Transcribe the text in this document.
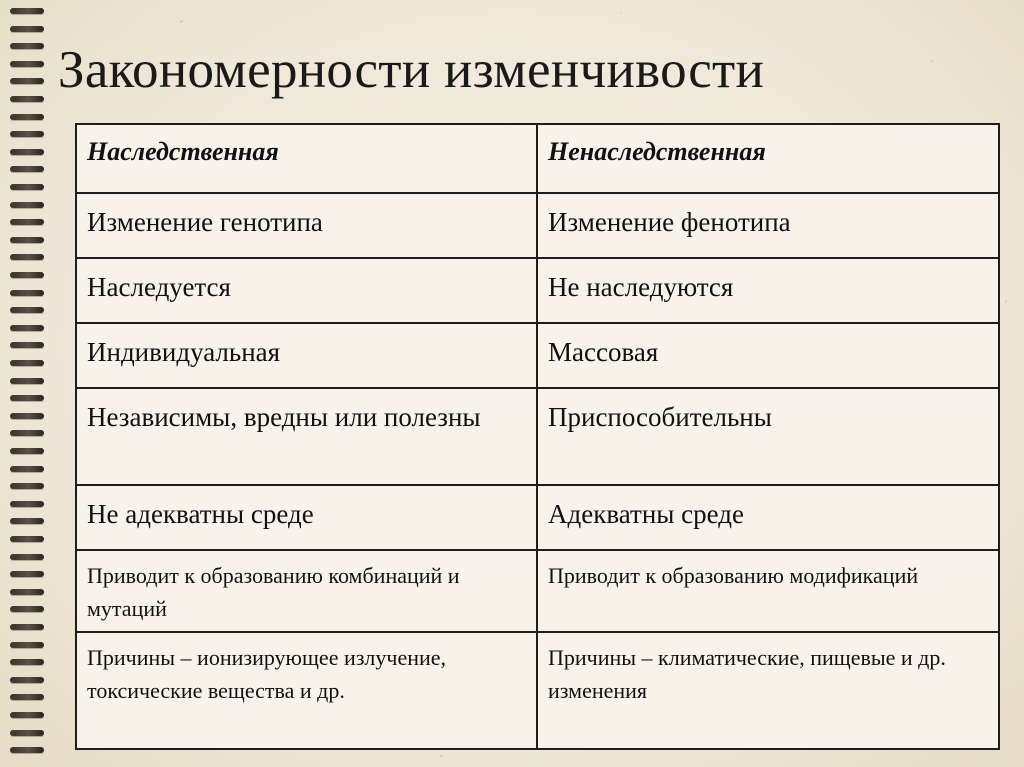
Закономерности изменчивости
Наследственная	Ненаследственная
Изменение генотипа	Изменение фенотипа
Наследуется	Не наследуются
Индивидуальная	Массовая
Независимы, вредны или полезны	Приспособительны
Не адекватны среде	Адекватны среде
Приводит к образованию комбинаций и мутаций	Приводит к образованию модификаций
Причины – ионизирующее излучение, токсические вещества и др.	Причины – климатические, пищевые и др. изменения
